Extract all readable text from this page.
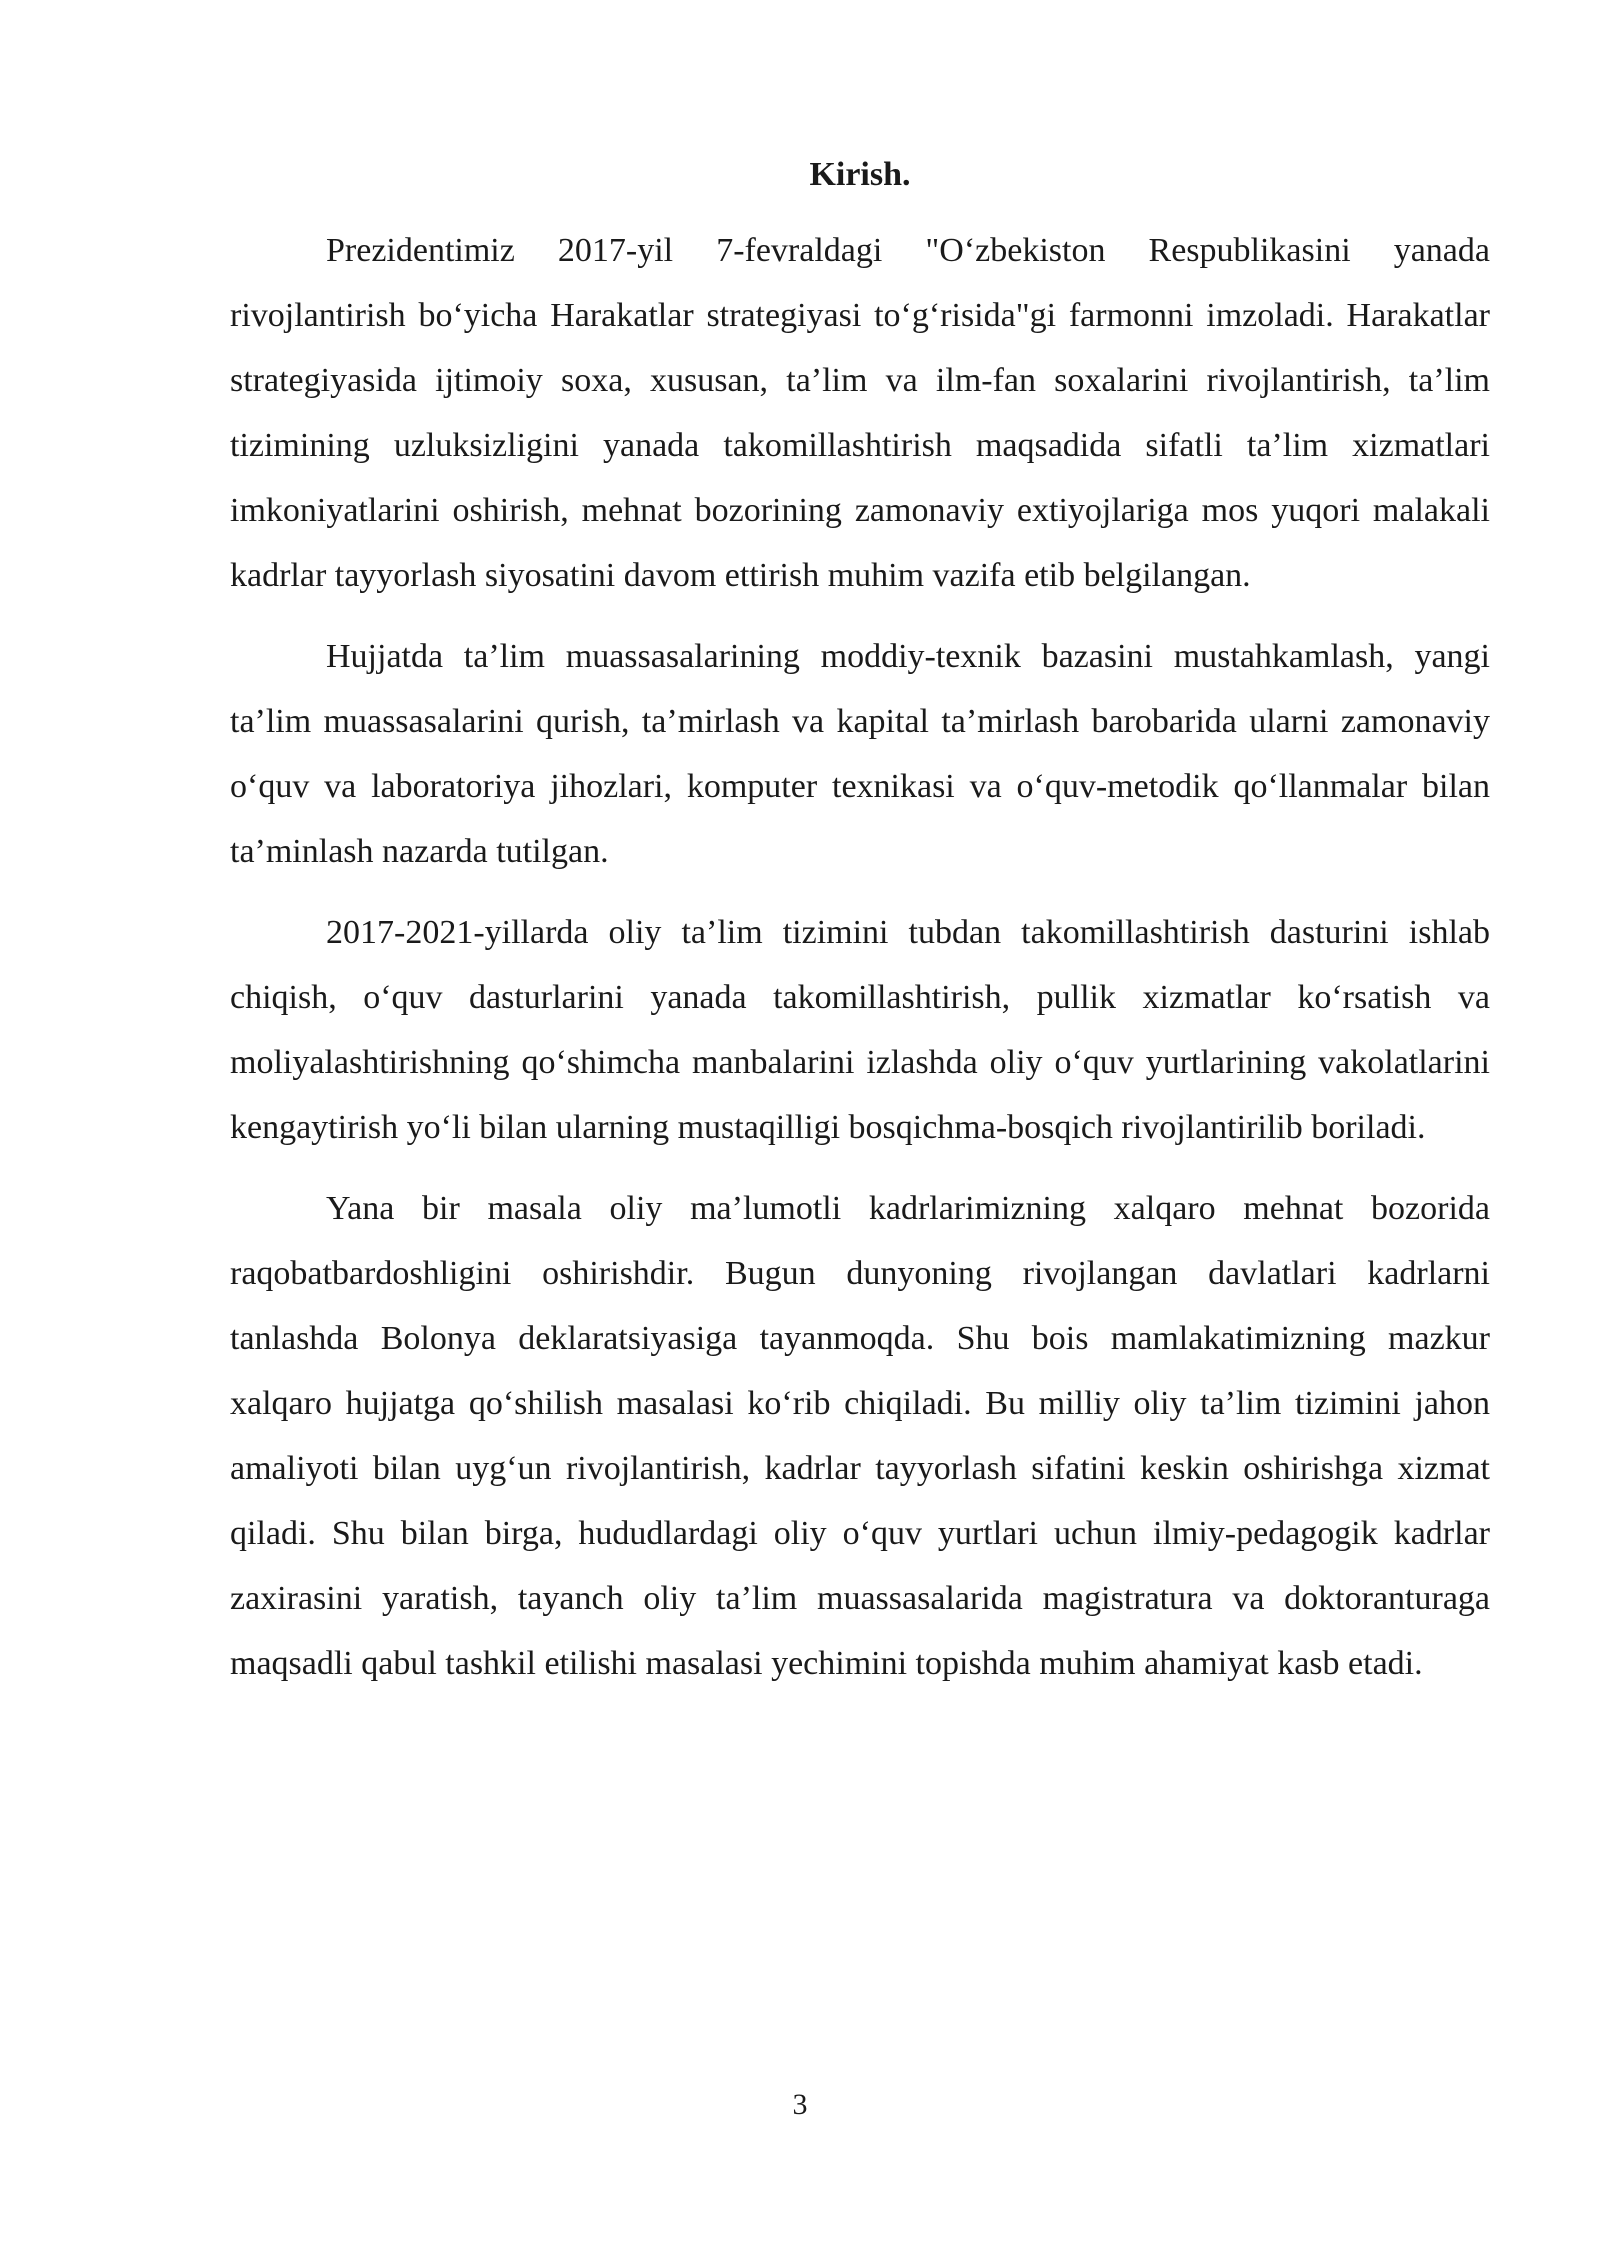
Kirish.

Prezidentimiz 2017-yil 7-fevraldagi "O‘zbekiston Respublikasini yanada rivojlantirish bo‘yicha Harakatlar strategiyasi to‘g‘risida"gi farmonni imzoladi. Harakatlar strategiyasida ijtimoiy soxa, xususan, ta’lim va ilm-fan soxalarini rivojlantirish, ta’lim tizimining uzluksizligini yanada takomillashtirish maqsadida sifatli ta’lim xizmatlari imkoniyatlarini oshirish, mehnat bozorining zamonaviy extiyojlariga mos yuqori malakali kadrlar tayyorlash siyosatini davom ettirish muhim vazifa etib belgilangan.

Hujjatda ta’lim muassasalarining moddiy-texnik bazasini mustahkamlash, yangi ta’lim muassasalarini qurish, ta’mirlash va kapital ta’mirlash barobarida ularni zamonaviy o‘quv va laboratoriya jihozlari, komputer texnikasi va o‘quv-metodik qo‘llanmalar bilan ta’minlash nazarda tutilgan.

2017-2021-yillarda oliy ta’lim tizimini tubdan takomillashtirish dasturini ishlab chiqish, o‘quv dasturlarini yanada takomillashtirish, pullik xizmatlar ko‘rsatish va moliyalashtirishning qo‘shimcha manbalarini izlashda oliy o‘quv yurtlarining vakolatlarini kengaytirish yo‘li bilan ularning mustaqilligi bosqichma-bosqich rivojlantirilib boriladi.

Yana bir masala oliy ma’lumotli kadrlarimizning xalqaro mehnat bozorida raqobatbardoshligini oshirishdir. Bugun dunyoning rivojlangan davlatlari kadrlarni tanlashda Bolonya deklaratsiyasiga tayanmoqda. Shu bois mamlakatimizning mazkur xalqaro hujjatga qo‘shilish masalasi ko‘rib chiqiladi. Bu milliy oliy ta’lim tizimini jahon amaliyoti bilan uyg‘un rivojlantirish, kadrlar tayyorlash sifatini keskin oshirishga xizmat qiladi. Shu bilan birga, hududlardagi oliy o‘quv yurtlari uchun ilmiy-pedagogik kadrlar zaxirasini yaratish, tayanch oliy ta’lim muassasalarida magistratura va doktoranturaga maqsadli qabul tashkil etilishi masalasi yechimini topishda muhim ahamiyat kasb etadi.

3
